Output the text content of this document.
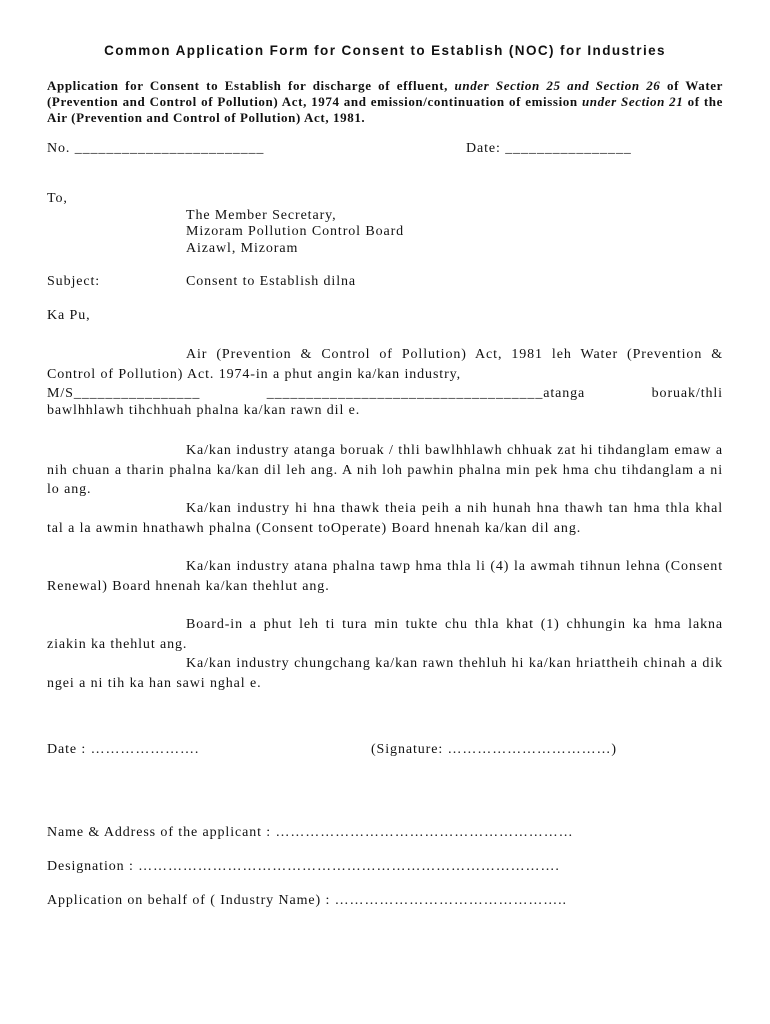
Common Application Form for Consent to Establish (NOC) for Industries
Application for Consent to Establish for discharge of effluent, under Section 25 and Section 26 of Water (Prevention and Control of Pollution) Act, 1974 and emission/continuation of emission under Section 21 of the Air (Prevention and Control of Pollution) Act, 1981.
No. ________________________	Date: ________________
To,
The Member Secretary,
Mizoram Pollution Control Board
Aizawl, Mizoram
Subject:	Consent to Establish dilna
Ka Pu,
Air (Prevention & Control of Pollution) Act, 1981 leh Water (Prevention & Control of Pollution) Act. 1974-in a phut angin ka/kan industry,
M/S________________	___________________________________atanga	boruak/thli
bawlhhlawh tihchhuah phalna ka/kan rawn dil e.
Ka/kan industry atanga boruak / thli bawlhhlawh chhuak zat hi tihdanglam emaw a nih chuan a tharin phalna ka/kan dil leh ang. A nih loh pawhin phalna min pek hma chu tihdanglam a ni lo ang.
Ka/kan industry hi hna thawk theia peih a nih hunah hna thawh tan hma thla khal tal a la awmin hnathawh phalna (Consent toOperate) Board hnenah ka/kan dil ang.
Ka/kan industry atana phalna tawp hma thla li (4) la awmah tihnun lehna (Consent Renewal) Board hnenah ka/kan thehlut ang.
Board-in a phut leh ti tura min tukte chu thla khat (1) chhungin ka hma lakna ziakin ka thehlut ang.
Ka/kan industry chungchang ka/kan rawn thehluh hi ka/kan hriattheih chinah a dik ngei a ni tih ka han sawi nghal e.
Date : ………………….	(Signature: ……………………………)
Name & Address of the applicant : ……………………………………………………
Designation : ………………………………………………………………………….
Application on behalf of ( Industry Name) : ………………………………………..
